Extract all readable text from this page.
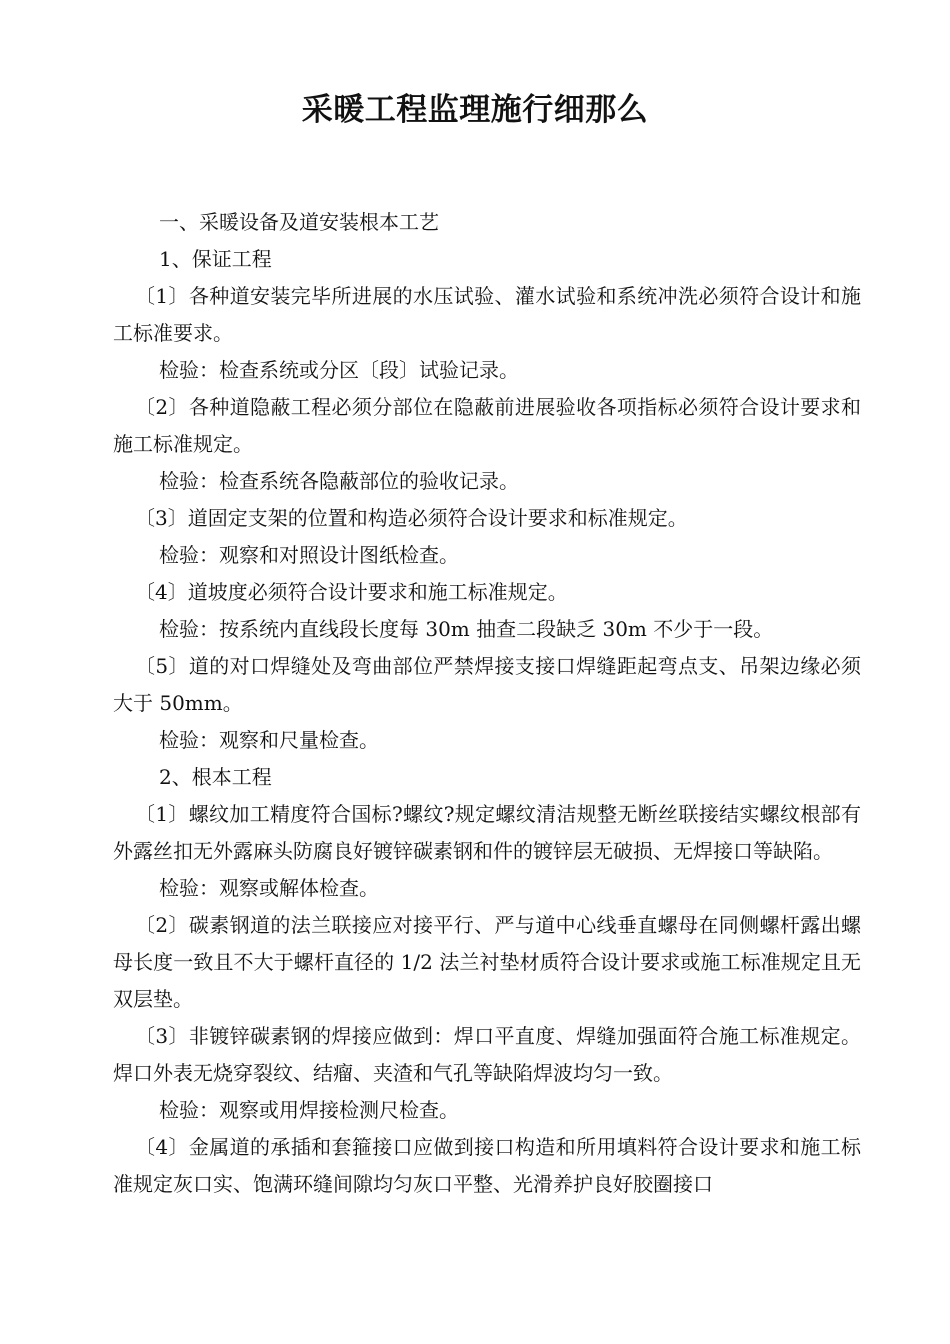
采暖工程监理施行细那么

一、采暖设备及道安装根本工艺

1、保证工程

〔1〕各种道安装完毕所进展的水压试验、灌水试验和系统冲洗必须符合设计和施工标准要求。

检验：检查系统或分区〔段〕试验记录。

〔2〕各种道隐蔽工程必须分部位在隐蔽前进展验收各项指标必须符合设计要求和施工标准规定。

检验：检查系统各隐蔽部位的验收记录。

〔3〕道固定支架的位置和构造必须符合设计要求和标准规定。

检验：观察和对照设计图纸检查。

〔4〕道坡度必须符合设计要求和施工标准规定。

检验：按系统内直线段长度每 30m 抽查二段缺乏 30m 不少于一段。

〔5〕道的对口焊缝处及弯曲部位严禁焊接支接口焊缝距起弯点支、吊架边缘必须大于 50mm。

检验：观察和尺量检查。

2、根本工程

〔1〕螺纹加工精度符合国标?螺纹?规定螺纹清洁规整无断丝联接结实螺纹根部有外露丝扣无外露麻头防腐良好镀锌碳素钢和件的镀锌层无破损、无焊接口等缺陷。

检验：观察或解体检查。

〔2〕碳素钢道的法兰联接应对接平行、严与道中心线垂直螺母在同侧螺杆露出螺母长度一致且不大于螺杆直径的 1/2 法兰衬垫材质符合设计要求或施工标准规定且无双层垫。

〔3〕非镀锌碳素钢的焊接应做到：焊口平直度、焊缝加强面符合施工标准规定。焊口外表无烧穿裂纹、结瘤、夹渣和气孔等缺陷焊波均匀一致。

检验：观察或用焊接检测尺检查。

〔4〕金属道的承插和套箍接口应做到接口构造和所用填料符合设计要求和施工标准规定灰口实、饱满环缝间隙均匀灰口平整、光滑养护良好胶圈接口
